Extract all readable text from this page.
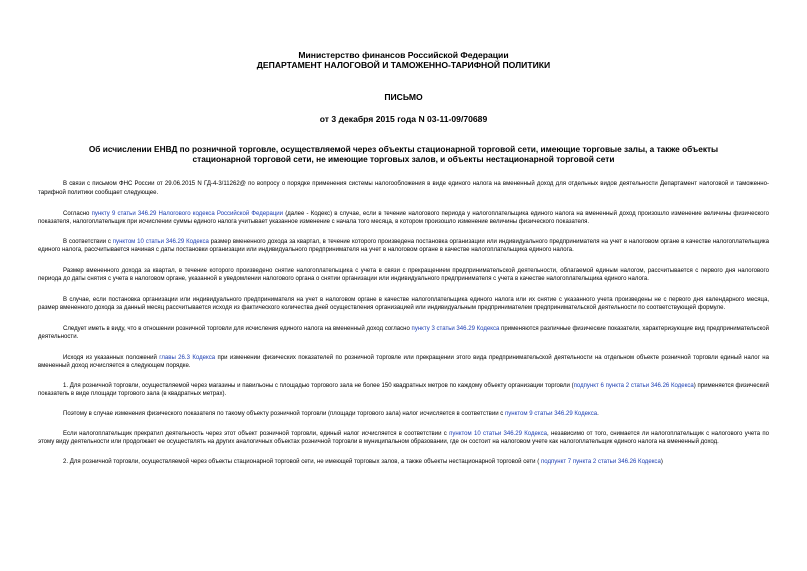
Министерство финансов Российской Федерации
ДЕПАРТАМЕНТ НАЛОГОВОЙ И ТАМОЖЕННО-ТАРИФНОЙ ПОЛИТИКИ
ПИСЬМО
от 3 декабря 2015 года N 03-11-09/70689
Об исчислении ЕНВД по розничной торговле, осуществляемой через объекты стационарной торговой сети, имеющие торговые залы, а также объекты стационарной торговой сети, не имеющие торговых залов, и объекты нестационарной торговой сети

В связи с письмом ФНС России от 29.06.2015 N ГД-4-3/11262@ по вопросу о порядке применения системы налогообложения в виде единого налога на вмененный доход для отдельных видов деятельности Департамент налоговой и таможенно-тарифной политики сообщает следующее.

Согласно пункту 9 статьи 346.29 Налогового кодекса Российской Федерации (далее - Кодекс) в случае, если в течение налогового периода у налогоплательщика единого налога на вмененный доход произошло изменение величины физического показателя, налогоплательщик при исчислении суммы единого налога учитывает указанное изменение с начала того месяца, в котором произошло изменение величины физического показателя.

В соответствии с пунктом 10 статьи 346.29 Кодекса размер вмененного дохода за квартал, в течение которого произведена постановка организации или индивидуального предпринимателя на учет в налоговом органе в качестве налогоплательщика единого налога, рассчитывается начиная с даты постановки организации или индивидуального предпринимателя на учет в налоговом органе в качестве налогоплательщика единого налога.

Размер вмененного дохода за квартал, в течение которого произведено снятие налогоплательщика с учета в связи с прекращением предпринимательской деятельности, облагаемой единым налогом, рассчитывается с первого дня налогового периода до даты снятия с учета в налоговом органе, указанной в уведомлении налогового органа о снятии организации или индивидуального предпринимателя с учета в качестве налогоплательщика единого налога.

В случае, если постановка организации или индивидуального предпринимателя на учет в налоговом органе в качестве налогоплательщика единого налога или их снятие с указанного учета произведены не с первого дня календарного месяца, размер вмененного дохода за данный месяц рассчитывается исходя из фактического количества дней осуществления организацией или индивидуальным предпринимателем предпринимательской деятельности по соответствующей формуле.

Следует иметь в виду, что в отношении розничной торговли для исчисления единого налога на вмененный доход согласно пункту 3 статьи 346.29 Кодекса применяются различные физические показатели, характеризующие вид предпринимательской деятельности.

Исходя из указанных положений главы 26.3 Кодекса при изменении физических показателей по розничной торговле или прекращении этого вида предпринимательской деятельности на отдельном объекте розничной торговли единый налог на вмененный доход исчисляется в следующем порядке.

1. Для розничной торговли, осуществляемой через магазины и павильоны с площадью торгового зала не более 150 квадратных метров по каждому объекту организации торговли (подпункт 6 пункта 2 статьи 346.26 Кодекса) применяется физический показатель в виде площади торгового зала (в квадратных метрах).

Поэтому в случае изменения физического показателя по такому объекту розничной торговли (площади торгового зала) налог исчисляется в соответствии с пунктом 9 статьи 346.29 Кодекса.

Если налогоплательщик прекратил деятельность через этот объект розничной торговли, единый налог исчисляется в соответствии с пунктом 10 статьи 346.29 Кодекса, независимо от того, снимается ли налогоплательщик с налогового учета по этому виду деятельности или продолжает ее осуществлять на других аналогичных объектах розничной торговли в муниципальном образовании, где он состоит на налоговом учете как налогоплательщик единого налога на вмененный доход.

2. Для розничной торговли, осуществляемой через объекты стационарной торговой сети, не имеющей торговых залов, а также объекты нестационарной торговой сети ( подпункт 7 пункта 2 статьи 346.26 Кодекса)
